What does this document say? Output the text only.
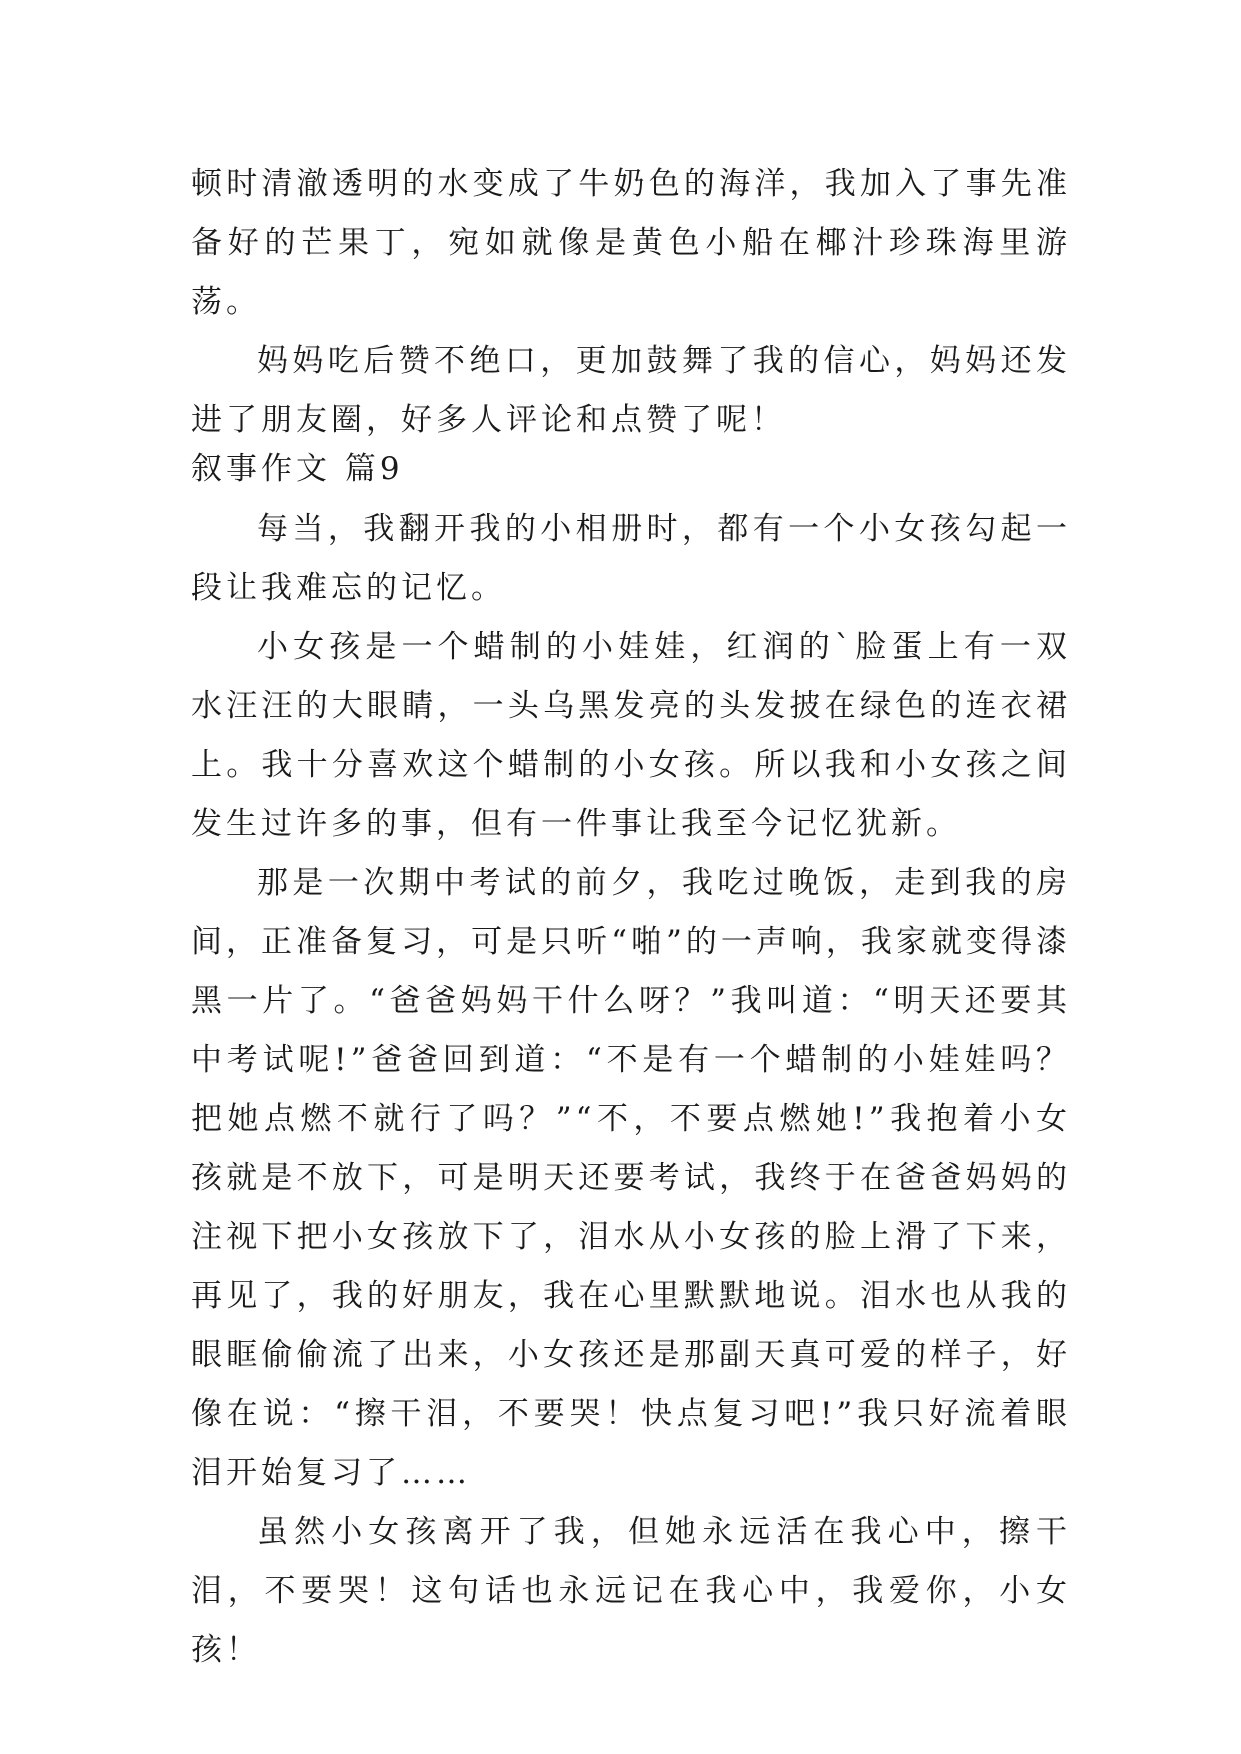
顿时清澈透明的水变成了牛奶色的海洋，我加入了事先准备好的芒果丁，宛如就像是黄色小船在椰汁珍珠海里游荡。

妈妈吃后赞不绝口，更加鼓舞了我的信心，妈妈还发进了朋友圈，好多人评论和点赞了呢！

叙事作文 篇9

每当，我翻开我的小相册时，都有一个小女孩勾起一段让我难忘的记忆。

小女孩是一个蜡制的小娃娃，红润的`脸蛋上有一双水汪汪的大眼睛，一头乌黑发亮的头发披在绿色的连衣裙上。我十分喜欢这个蜡制的小女孩。所以我和小女孩之间发生过许多的事，但有一件事让我至今记忆犹新。

那是一次期中考试的前夕，我吃过晚饭，走到我的房间，正准备复习，可是只听“啪”的一声响，我家就变得漆黑一片了。“爸爸妈妈干什么呀？”我叫道：“明天还要其中考试呢!”爸爸回到道：“不是有一个蜡制的小娃娃吗？把她点燃不就行了吗？”“不，不要点燃她!”我抱着小女孩就是不放下，可是明天还要考试，我终于在爸爸妈妈的注视下把小女孩放下了，泪水从小女孩的脸上滑了下来，再见了，我的好朋友，我在心里默默地说。泪水也从我的眼眶偷偷流了出来，小女孩还是那副天真可爱的样子，好像在说：“擦干泪，不要哭！快点复习吧!”我只好流着眼泪开始复习了……

虽然小女孩离开了我，但她永远活在我心中，擦干泪，不要哭！这句话也永远记在我心中，我爱你，小女孩！
